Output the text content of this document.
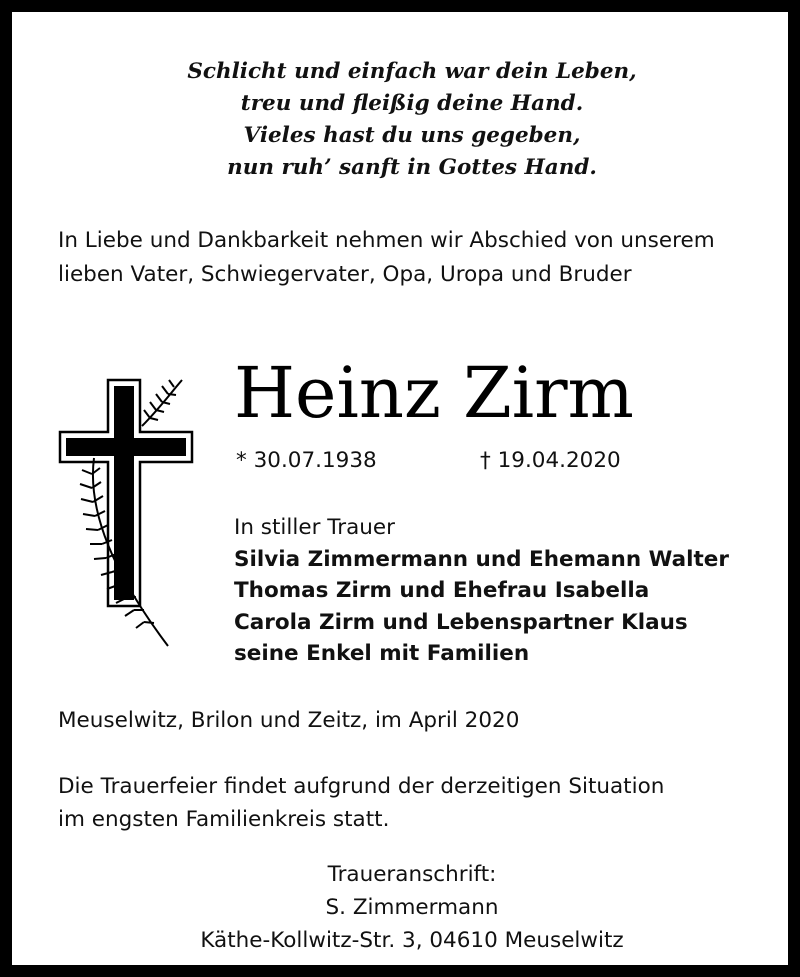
Schlicht und einfach war dein Leben,
treu und fleißig deine Hand.
Vieles hast du uns gegeben,
nun ruh’ sanft in Gottes Hand.
In Liebe und Dankbarkeit nehmen wir Abschied von unserem lieben Vater, Schwiegervater, Opa, Uropa und Bruder
Heinz Zirm
* 30.07.1938	† 19.04.2020
In stiller Trauer
Silvia Zimmermann und Ehemann Walter
Thomas Zirm und Ehefrau Isabella
Carola Zirm und Lebenspartner Klaus
seine Enkel mit Familien
Meuselwitz, Brilon und Zeitz, im April 2020
Die Trauerfeier findet aufgrund der derzeitigen Situation
im engsten Familienkreis statt.
Traueranschrift:
S. Zimmermann
Käthe-Kollwitz-Str. 3, 04610 Meuselwitz
